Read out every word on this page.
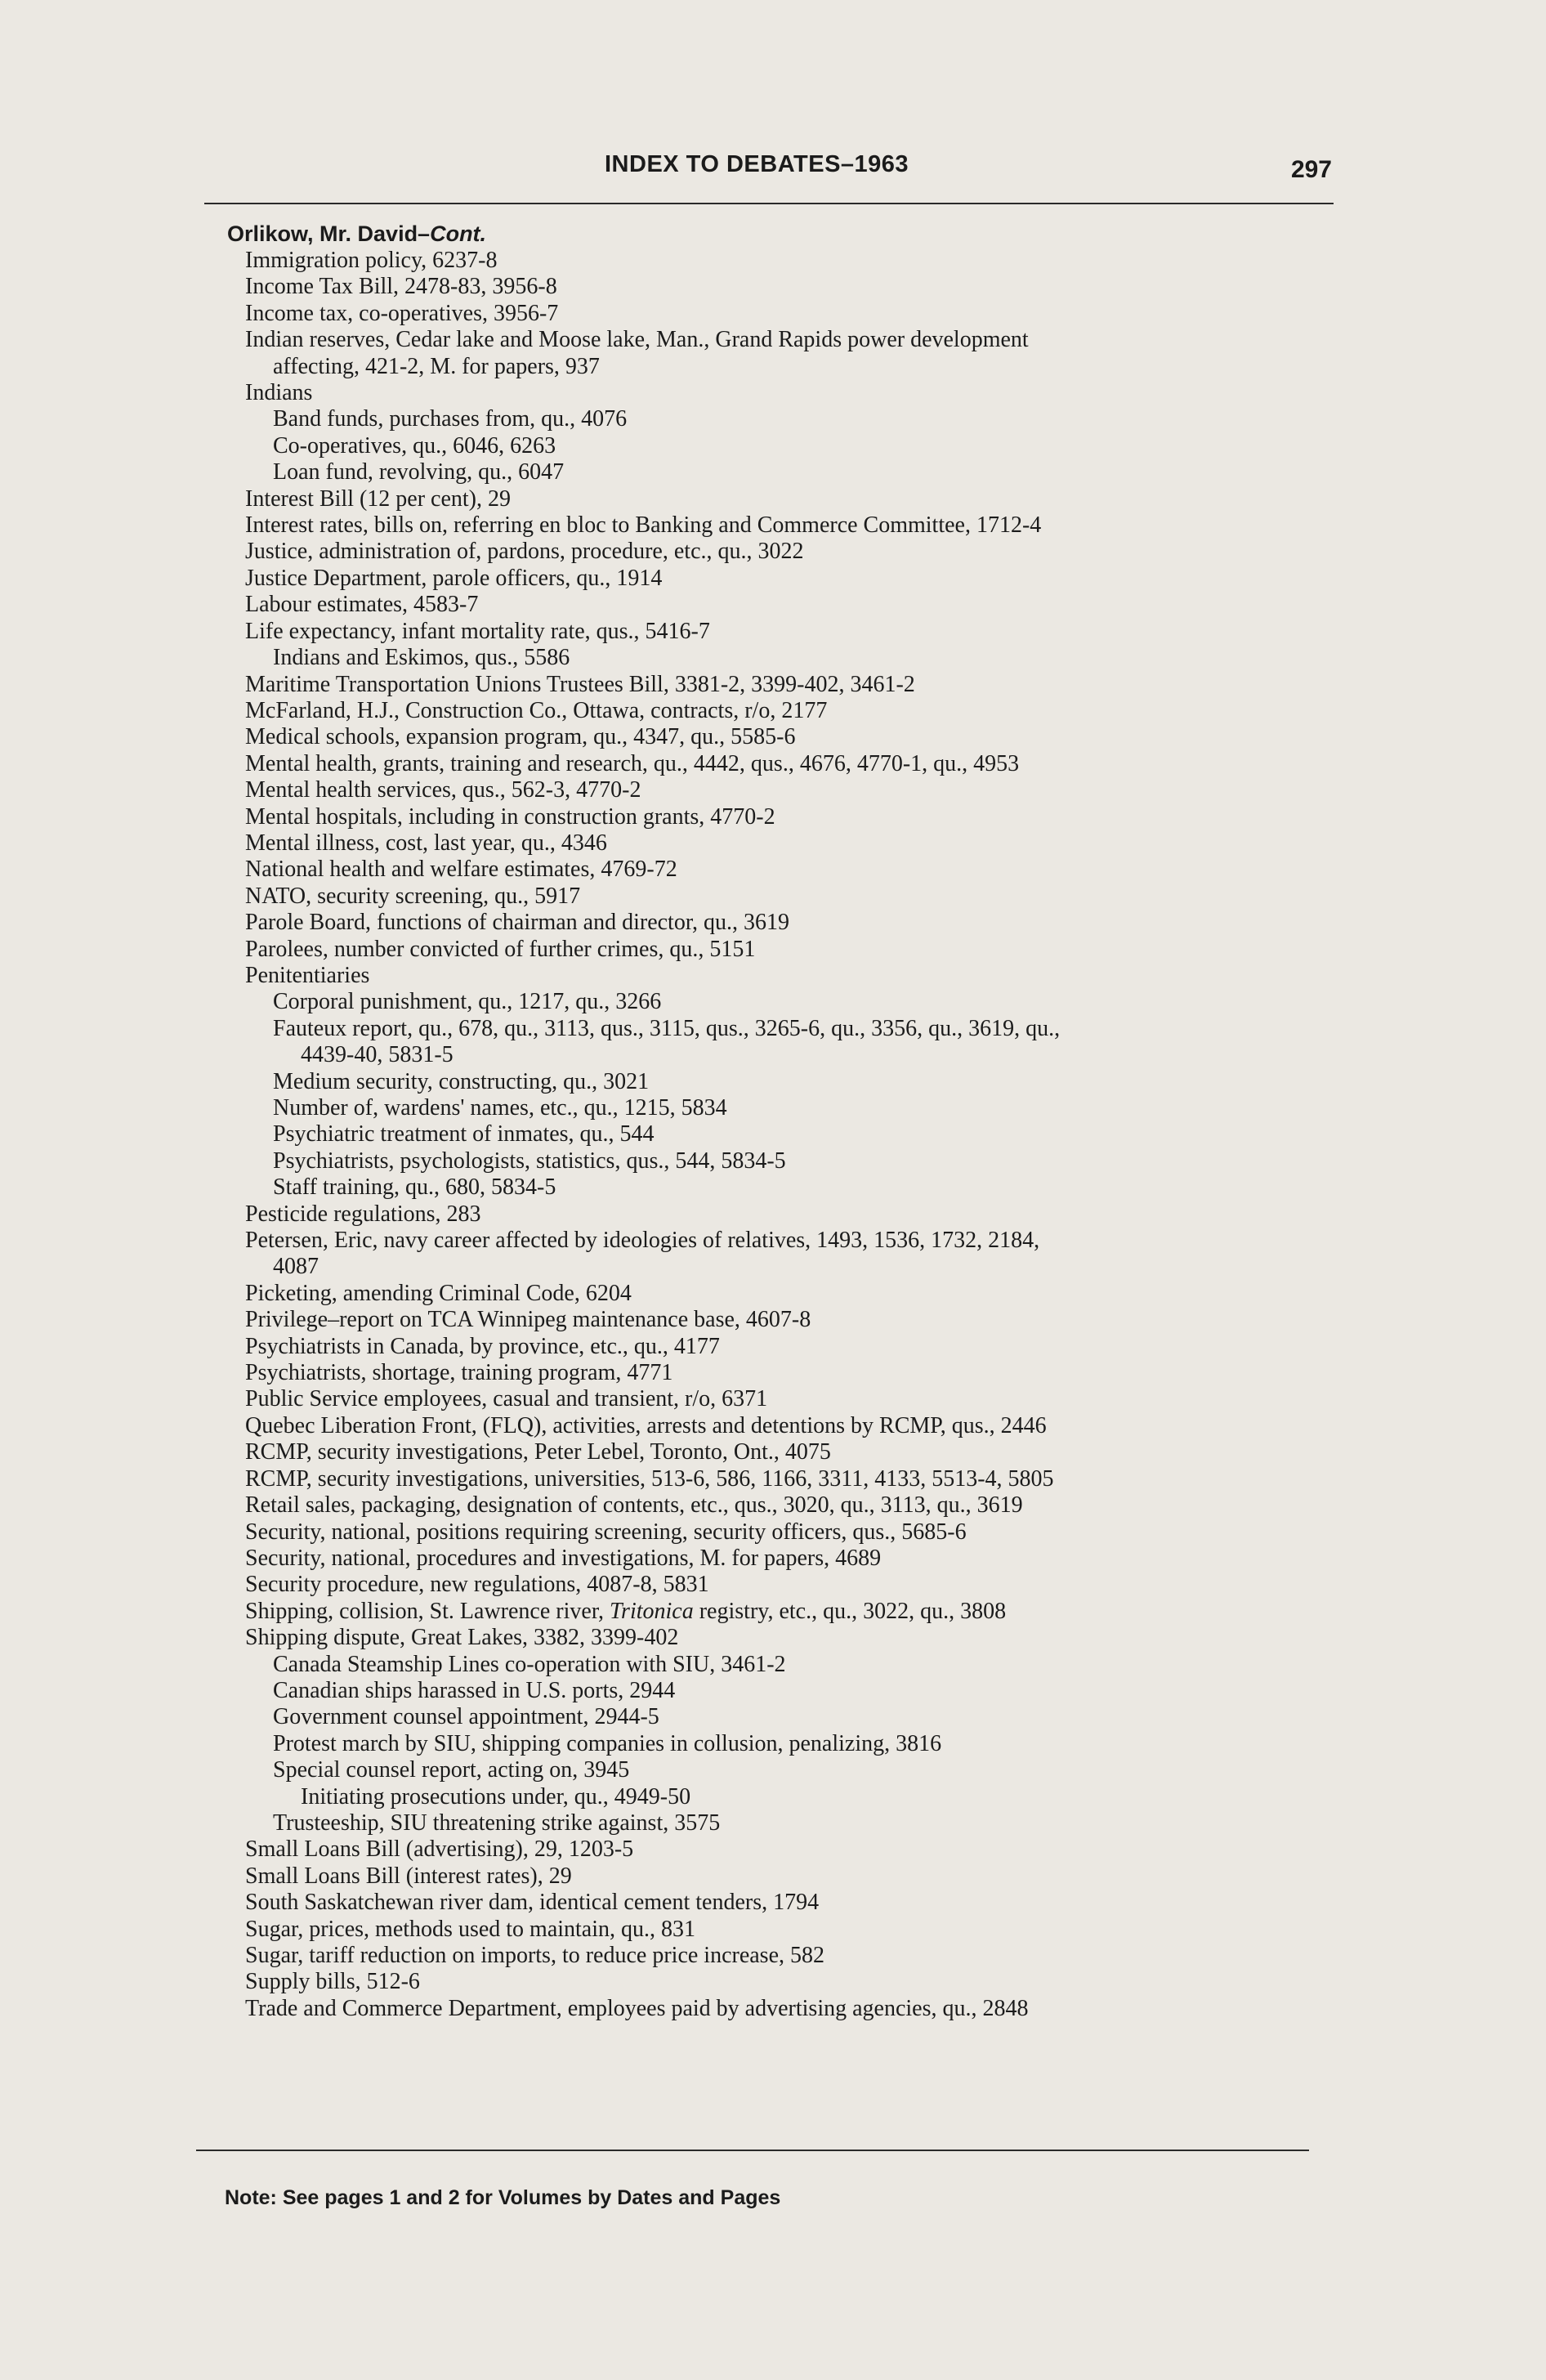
INDEX TO DEBATES–1963	297
Orlikow, Mr. David–Cont.
Immigration policy, 6237-8
Income Tax Bill, 2478-83, 3956-8
Income tax, co-operatives, 3956-7
Indian reserves, Cedar lake and Moose lake, Man., Grand Rapids power development
affecting, 421-2, M. for papers, 937
Indians
Band funds, purchases from, qu., 4076
Co-operatives, qu., 6046, 6263
Loan fund, revolving, qu., 6047
Interest Bill (12 per cent), 29
Interest rates, bills on, referring en bloc to Banking and Commerce Committee, 1712-4
Justice, administration of, pardons, procedure, etc., qu., 3022
Justice Department, parole officers, qu., 1914
Labour estimates, 4583-7
Life expectancy, infant mortality rate, qus., 5416-7
Indians and Eskimos, qus., 5586
Maritime Transportation Unions Trustees Bill, 3381-2, 3399-402, 3461-2
McFarland, H.J., Construction Co., Ottawa, contracts, r/o, 2177
Medical schools, expansion program, qu., 4347, qu., 5585-6
Mental health, grants, training and research, qu., 4442, qus., 4676, 4770-1, qu., 4953
Mental health services, qus., 562-3, 4770-2
Mental hospitals, including in construction grants, 4770-2
Mental illness, cost, last year, qu., 4346
National health and welfare estimates, 4769-72
NATO, security screening, qu., 5917
Parole Board, functions of chairman and director, qu., 3619
Parolees, number convicted of further crimes, qu., 5151
Penitentiaries
Corporal punishment, qu., 1217, qu., 3266
Fauteux report, qu., 678, qu., 3113, qus., 3115, qus., 3265-6, qu., 3356, qu., 3619, qu.,
4439-40, 5831-5
Medium security, constructing, qu., 3021
Number of, wardens' names, etc., qu., 1215, 5834
Psychiatric treatment of inmates, qu., 544
Psychiatrists, psychologists, statistics, qus., 544, 5834-5
Staff training, qu., 680, 5834-5
Pesticide regulations, 283
Petersen, Eric, navy career affected by ideologies of relatives, 1493, 1536, 1732, 2184,
4087
Picketing, amending Criminal Code, 6204
Privilege–report on TCA Winnipeg maintenance base, 4607-8
Psychiatrists in Canada, by province, etc., qu., 4177
Psychiatrists, shortage, training program, 4771
Public Service employees, casual and transient, r/o, 6371
Quebec Liberation Front, (FLQ), activities, arrests and detentions by RCMP, qus., 2446
RCMP, security investigations, Peter Lebel, Toronto, Ont., 4075
RCMP, security investigations, universities, 513-6, 586, 1166, 3311, 4133, 5513-4, 5805
Retail sales, packaging, designation of contents, etc., qus., 3020, qu., 3113, qu., 3619
Security, national, positions requiring screening, security officers, qus., 5685-6
Security, national, procedures and investigations, M. for papers, 4689
Security procedure, new regulations, 4087-8, 5831
Shipping, collision, St. Lawrence river, Tritonica registry, etc., qu., 3022, qu., 3808
Shipping dispute, Great Lakes, 3382, 3399-402
Canada Steamship Lines co-operation with SIU, 3461-2
Canadian ships harassed in U.S. ports, 2944
Government counsel appointment, 2944-5
Protest march by SIU, shipping companies in collusion, penalizing, 3816
Special counsel report, acting on, 3945
Initiating prosecutions under, qu., 4949-50
Trusteeship, SIU threatening strike against, 3575
Small Loans Bill (advertising), 29, 1203-5
Small Loans Bill (interest rates), 29
South Saskatchewan river dam, identical cement tenders, 1794
Sugar, prices, methods used to maintain, qu., 831
Sugar, tariff reduction on imports, to reduce price increase, 582
Supply bills, 512-6
Trade and Commerce Department, employees paid by advertising agencies, qu., 2848
Note: See pages 1 and 2 for Volumes by Dates and Pages
